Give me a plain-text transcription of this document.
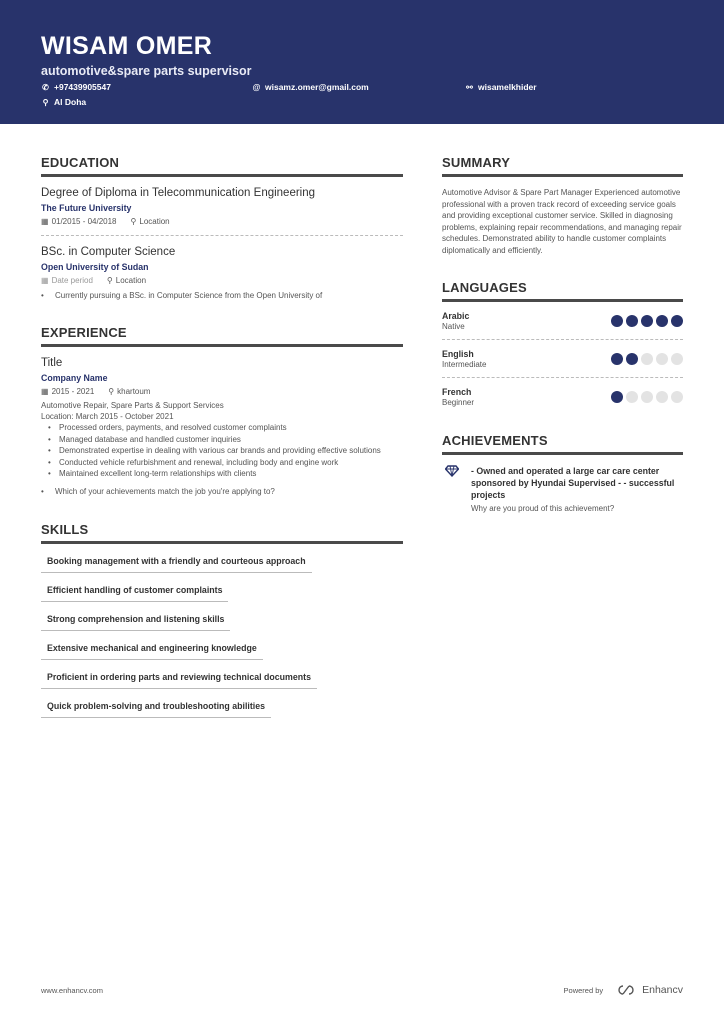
WISAM OMER
automotive&spare parts supervisor
✆ +97439905547	@ wisamz.omer@gmail.com	⚯ wisamelkhider
⚲ Al Doha
EDUCATION
Degree of Diploma in Telecommunication Engineering
The Future University
▦ 01/2015 - 04/2018 ⚲ Location
BSc. in Computer Science
Open University of Sudan
▦ Date period ⚲ Location
• Currently pursuing a BSc. in Computer Science from the Open University of
EXPERIENCE
Title
Company Name
▦ 2015 - 2021 ⚲ khartoum
Automotive Repair, Spare Parts & Support Services
Location: March 2015 - October 2021
• Processed orders, payments, and resolved customer complaints
• Managed database and handled customer inquiries
• Demonstrated expertise in dealing with various car brands and providing effective solutions
• Conducted vehicle refurbishment and renewal, including body and engine work
• Maintained excellent long-term relationships with clients
• Which of your achievements match the job you're applying to?
SKILLS
Booking management with a friendly and courteous approach
Efficient handling of customer complaints
Strong comprehension and listening skills
Extensive mechanical and engineering knowledge
Proficient in ordering parts and reviewing technical documents
Quick problem-solving and troubleshooting abilities
SUMMARY
Automotive Advisor & Spare Part Manager Experienced automotive professional with a proven track record of exceeding service goals and providing exceptional customer service. Skilled in diagnosing problems, explaining repair recommendations, and managing repair schedules. Demonstrated ability to handle customer complaints diplomatically and efficiently.
LANGUAGES
Arabic
Native
English
Intermediate
French
Beginner
ACHIEVEMENTS
- Owned and operated a large car care center sponsored by Hyundai Supervised - - successful projects
Why are you proud of this achievement?
www.enhancv.com	Powered by	Enhancv
